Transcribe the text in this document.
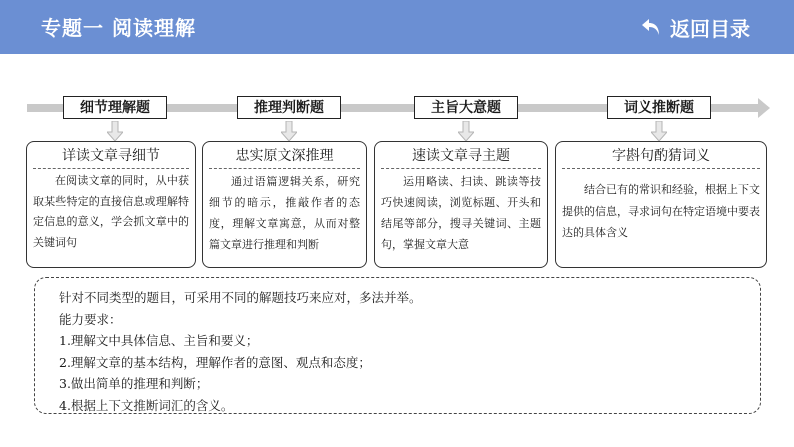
专题一 阅读理解	返回目录
细节理解题	推理判断题	主旨大意题	词义推断题
详读文章寻细节
在阅读文章的同时，从中获取某些特定的直接信息或理解特定信息的意义，学会抓文章中的关键词句
忠实原文深推理
通过语篇逻辑关系，研究细节的暗示，推敲作者的态度，理解文章寓意，从而对整篇文章进行推理和判断
速读文章寻主题
运用略读、扫读、跳读等技巧快速阅读，浏览标题、开头和结尾等部分，搜寻关键词、主题句，掌握文章大意
字斟句酌猜词义
结合已有的常识和经验，根据上下文提供的信息，寻求词句在特定语境中要表达的具体含义
针对不同类型的题目，可采用不同的解题技巧来应对，多法并举。
能力要求：
1.理解文中具体信息、主旨和要义；
2.理解文章的基本结构，理解作者的意图、观点和态度；
3.做出简单的推理和判断；
4.根据上下文推断词汇的含义。
